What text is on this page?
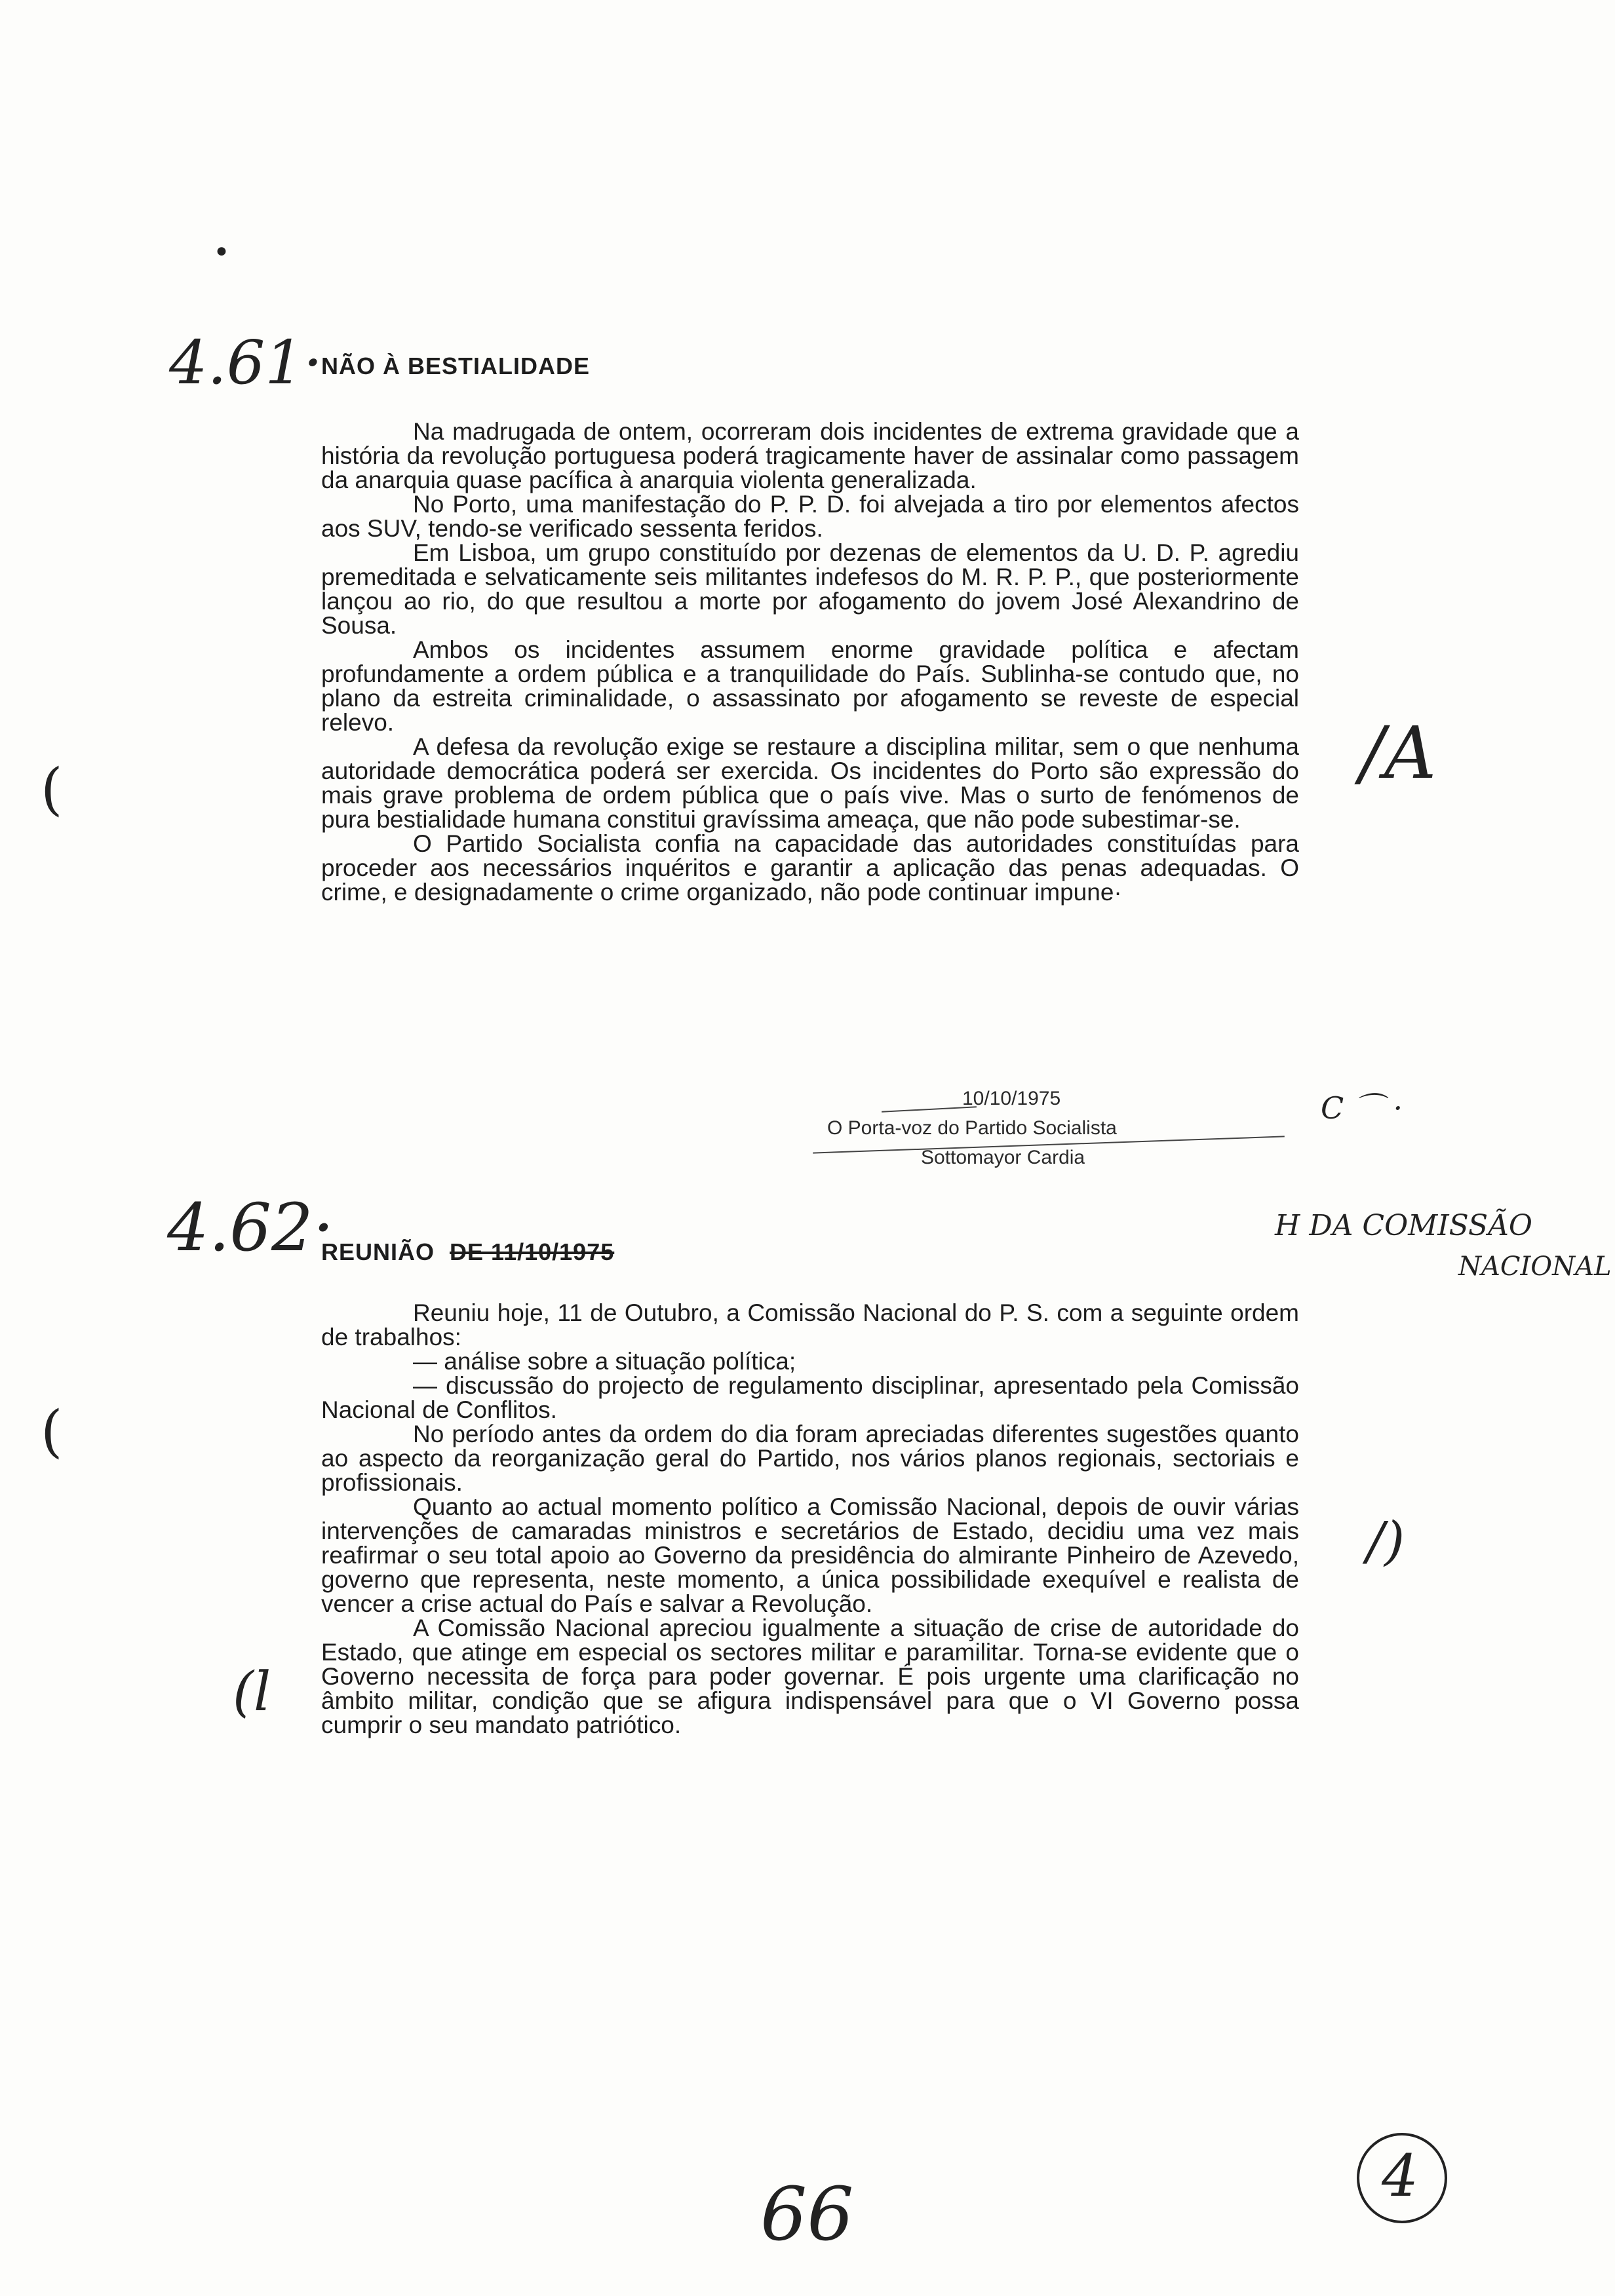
•
4.61·
(	/A
C ⌒ ·
4.62·	H DA COMISSÃO
NACIONAL
(
/)
(l
66	4
NÃO À BESTIALIDADE

Na madrugada de ontem, ocorreram dois incidentes de extrema gravidade que a história da revolução portuguesa poderá tragicamente haver de assinalar como passagem da anarquia quase pacífica à anarquia violenta generalizada.

No Porto, uma manifestação do P. P. D. foi alvejada a tiro por elementos afectos aos SUV, tendo-se verificado sessenta feridos.

Em Lisboa, um grupo constituído por dezenas de elementos da U. D. P. agrediu premeditada e selvaticamente seis militantes indefesos do M. R. P. P., que posteriormente lançou ao rio, do que resultou a morte por afogamento do jovem José Alexandrino de Sousa.

Ambos os incidentes assumem enorme gravidade política e afectam profundamente a ordem pública e a tranquilidade do País. Sublinha-se contudo que, no plano da estreita criminalidade, o assassinato por afogamento se reveste de especial relevo.

A defesa da revolução exige se restaure a disciplina militar, sem o que nenhuma autoridade democrática poderá ser exercida. Os incidentes do Porto são expressão do mais grave problema de ordem pública que o país vive. Mas o surto de fenómenos de pura bestialidade humana constitui gravíssima ameaça, que não pode subestimar-se.

O Partido Socialista confia na capacidade das autoridades constituídas para proceder aos necessários inquéritos e garantir a aplicação das penas adequadas. O crime, e designadamente o crime organizado, não pode continuar impune·

10/10/1975
O Porta-voz do Partido Socialista
Sottomayor Cardia
REUNIÃO DE 11/10/1975

Reuniu hoje, 11 de Outubro, a Comissão Nacional do P. S. com a seguinte ordem de trabalhos:

— análise sobre a situação política;

— discussão do projecto de regulamento disciplinar, apresentado pela Comissão Nacional de Conflitos.

No período antes da ordem do dia foram apreciadas diferentes sugestões quanto ao aspecto da reorganização geral do Partido, nos vários planos regionais, sectoriais e profissionais.

Quanto ao actual momento político a Comissão Nacional, depois de ouvir várias intervenções de camaradas ministros e secretários de Estado, decidiu uma vez mais reafirmar o seu total apoio ao Governo da presidência do almirante Pinheiro de Azevedo, governo que representa, neste momento, a única possibilidade exequível e realista de vencer a crise actual do País e salvar a Revolução.

A Comissão Nacional apreciou igualmente a situação de crise de autoridade do Estado, que atinge em especial os sectores militar e paramilitar. Torna-se evidente que o Governo necessita de força para poder governar. É pois urgente uma clarificação no âmbito militar, condição que se afigura indispensável para que o VI Governo possa cumprir o seu mandato patriótico.
